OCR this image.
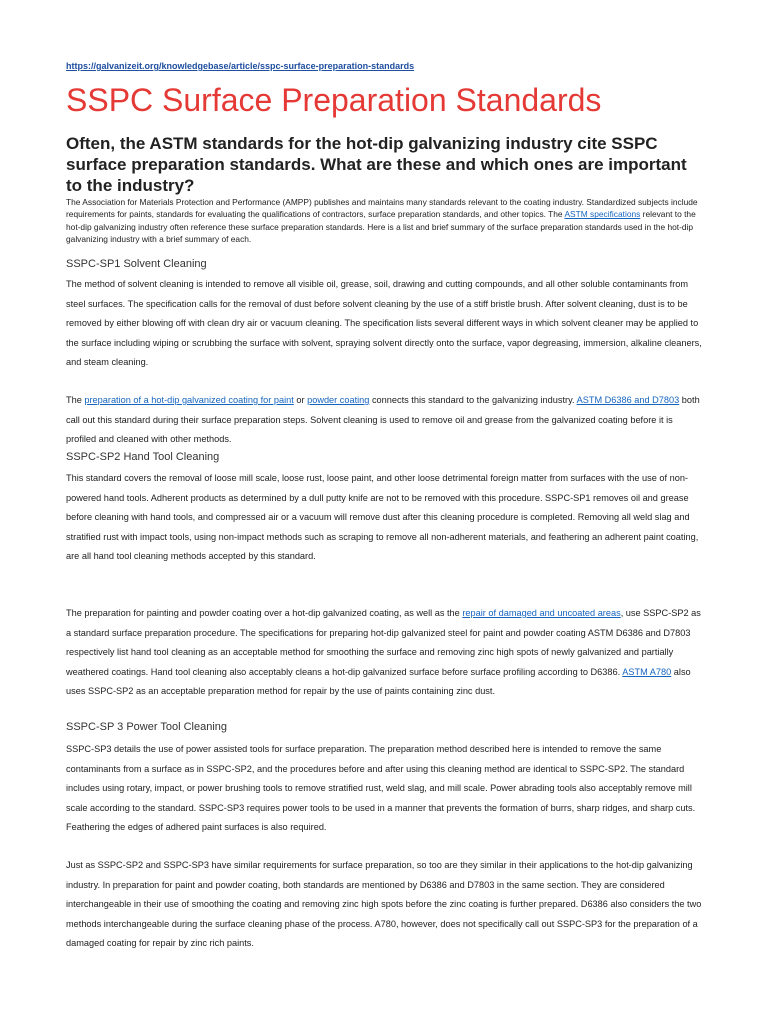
https://galvanizeit.org/knowledgebase/article/sspc-surface-preparation-standards
SSPC Surface Preparation Standards

Often, the ASTM standards for the hot-dip galvanizing industry cite SSPC surface preparation standards. What are these and which ones are important to the industry?

The Association for Materials Protection and Performance (AMPP) publishes and maintains many standards relevant to the coating industry. Standardized subjects include requirements for paints, standards for evaluating the qualifications of contractors, surface preparation standards, and other topics. The ASTM specifications relevant to the hot-dip galvanizing industry often reference these surface preparation standards. Here is a list and brief summary of the surface preparation standards used in the hot-dip galvanizing industry with a brief summary of each.

SSPC-SP1 Solvent Cleaning

The method of solvent cleaning is intended to remove all visible oil, grease, soil, drawing and cutting compounds, and all other soluble contaminants from steel surfaces. The specification calls for the removal of dust before solvent cleaning by the use of a stiff bristle brush. After solvent cleaning, dust is to be removed by either blowing off with clean dry air or vacuum cleaning. The specification lists several different ways in which solvent cleaner may be applied to the surface including wiping or scrubbing the surface with solvent, spraying solvent directly onto the surface, vapor degreasing, immersion, alkaline cleaners, and steam cleaning.

The preparation of a hot-dip galvanized coating for paint or powder coating connects this standard to the galvanizing industry. ASTM D6386 and D7803 both call out this standard during their surface preparation steps. Solvent cleaning is used to remove oil and grease from the galvanized coating before it is profiled and cleaned with other methods.

SSPC-SP2 Hand Tool Cleaning

This standard covers the removal of loose mill scale, loose rust, loose paint, and other loose detrimental foreign matter from surfaces with the use of non-powered hand tools. Adherent products as determined by a dull putty knife are not to be removed with this procedure. SSPC-SP1 removes oil and grease before cleaning with hand tools, and compressed air or a vacuum will remove dust after this cleaning procedure is completed. Removing all weld slag and stratified rust with impact tools, using non-impact methods such as scraping to remove all non-adherent materials, and feathering an adherent paint coating, are all hand tool cleaning methods accepted by this standard.

The preparation for painting and powder coating over a hot-dip galvanized coating, as well as the repair of damaged and uncoated areas, use SSPC-SP2 as a standard surface preparation procedure. The specifications for preparing hot-dip galvanized steel for paint and powder coating ASTM D6386 and D7803 respectively list hand tool cleaning as an acceptable method for smoothing the surface and removing zinc high spots of newly galvanized and partially weathered coatings. Hand tool cleaning also acceptably cleans a hot-dip galvanized surface before surface profiling according to D6386. ASTM A780 also uses SSPC-SP2 as an acceptable preparation method for repair by the use of paints containing zinc dust.

SSPC-SP 3 Power Tool Cleaning

SSPC-SP3 details the use of power assisted tools for surface preparation. The preparation method described here is intended to remove the same contaminants from a surface as in SSPC-SP2, and the procedures before and after using this cleaning method are identical to SSPC-SP2. The standard includes using rotary, impact, or power brushing tools to remove stratified rust, weld slag, and mill scale. Power abrading tools also acceptably remove mill scale according to the standard. SSPC-SP3 requires power tools to be used in a manner that prevents the formation of burrs, sharp ridges, and sharp cuts. Feathering the edges of adhered paint surfaces is also required.

Just as SSPC-SP2 and SSPC-SP3 have similar requirements for surface preparation, so too are they similar in their applications to the hot-dip galvanizing industry. In preparation for paint and powder coating, both standards are mentioned by D6386 and D7803 in the same section. They are considered interchangeable in their use of smoothing the coating and removing zinc high spots before the zinc coating is further prepared. D6386 also considers the two methods interchangeable during the surface cleaning phase of the process. A780, however, does not specifically call out SSPC-SP3 for the preparation of a damaged coating for repair by zinc rich paints.
